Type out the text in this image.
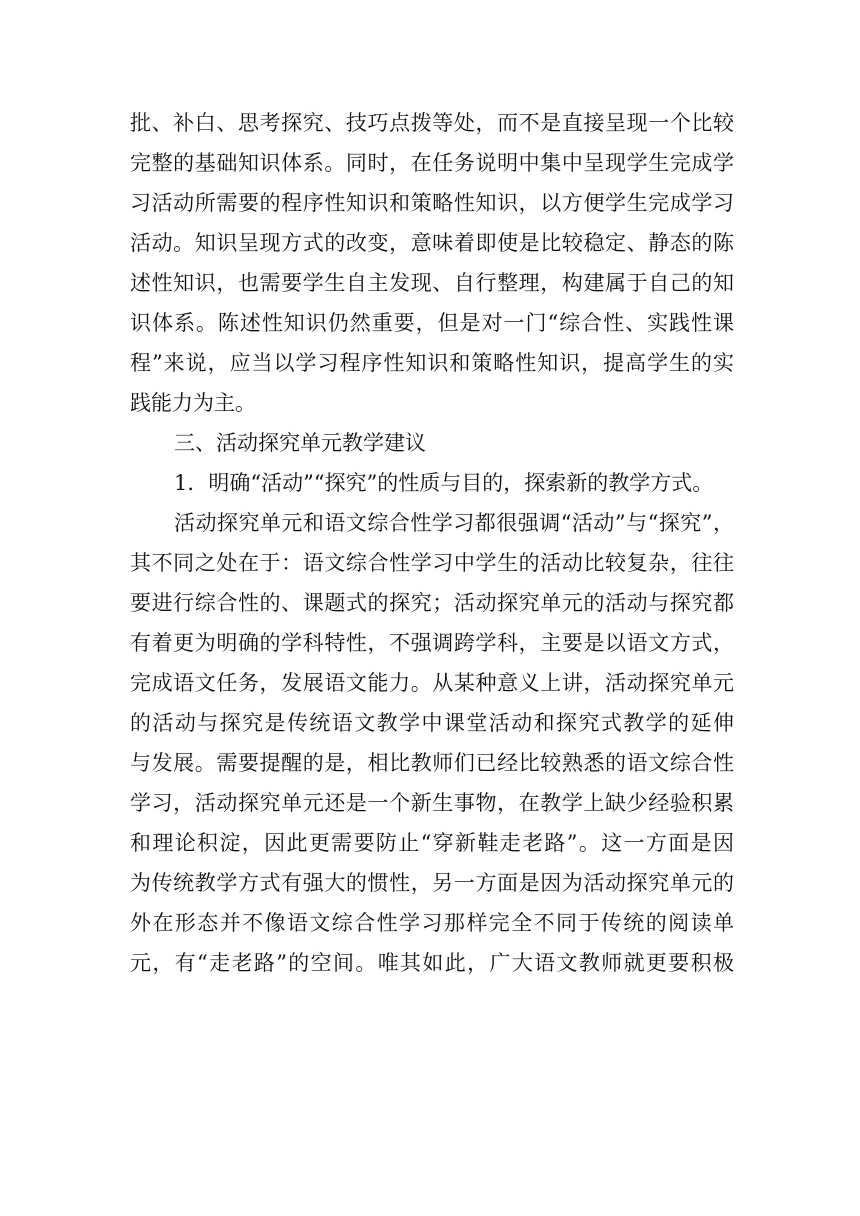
批、补白、思考探究、技巧点拨等处，而不是直接呈现一个比较
完整的基础知识体系。同时，在任务说明中集中呈现学生完成学
习活动所需要的程序性知识和策略性知识，以方便学生完成学习
活动。知识呈现方式的改变，意味着即使是比较稳定、静态的陈
述性知识，也需要学生自主发现、自行整理，构建属于自己的知
识体系。陈述性知识仍然重要，但是对一门“综合性、实践性课
程”来说，应当以学习程序性知识和策略性知识，提高学生的实
践能力为主。
三、活动探究单元教学建议
1．明确“活动”“探究”的性质与目的，探索新的教学方式。
活动探究单元和语文综合性学习都很强调“活动”与“探究”，
其不同之处在于：语文综合性学习中学生的活动比较复杂，往往
要进行综合性的、课题式的探究；活动探究单元的活动与探究都
有着更为明确的学科特性，不强调跨学科，主要是以语文方式，
完成语文任务，发展语文能力。从某种意义上讲，活动探究单元
的活动与探究是传统语文教学中课堂活动和探究式教学的延伸
与发展。需要提醒的是，相比教师们已经比较熟悉的语文综合性
学习，活动探究单元还是一个新生事物，在教学上缺少经验积累
和理论积淀，因此更需要防止“穿新鞋走老路”。这一方面是因
为传统教学方式有强大的惯性，另一方面是因为活动探究单元的
外在形态并不像语文综合性学习那样完全不同于传统的阅读单
元，有“走老路”的空间。唯其如此，广大语文教师就更要积极
